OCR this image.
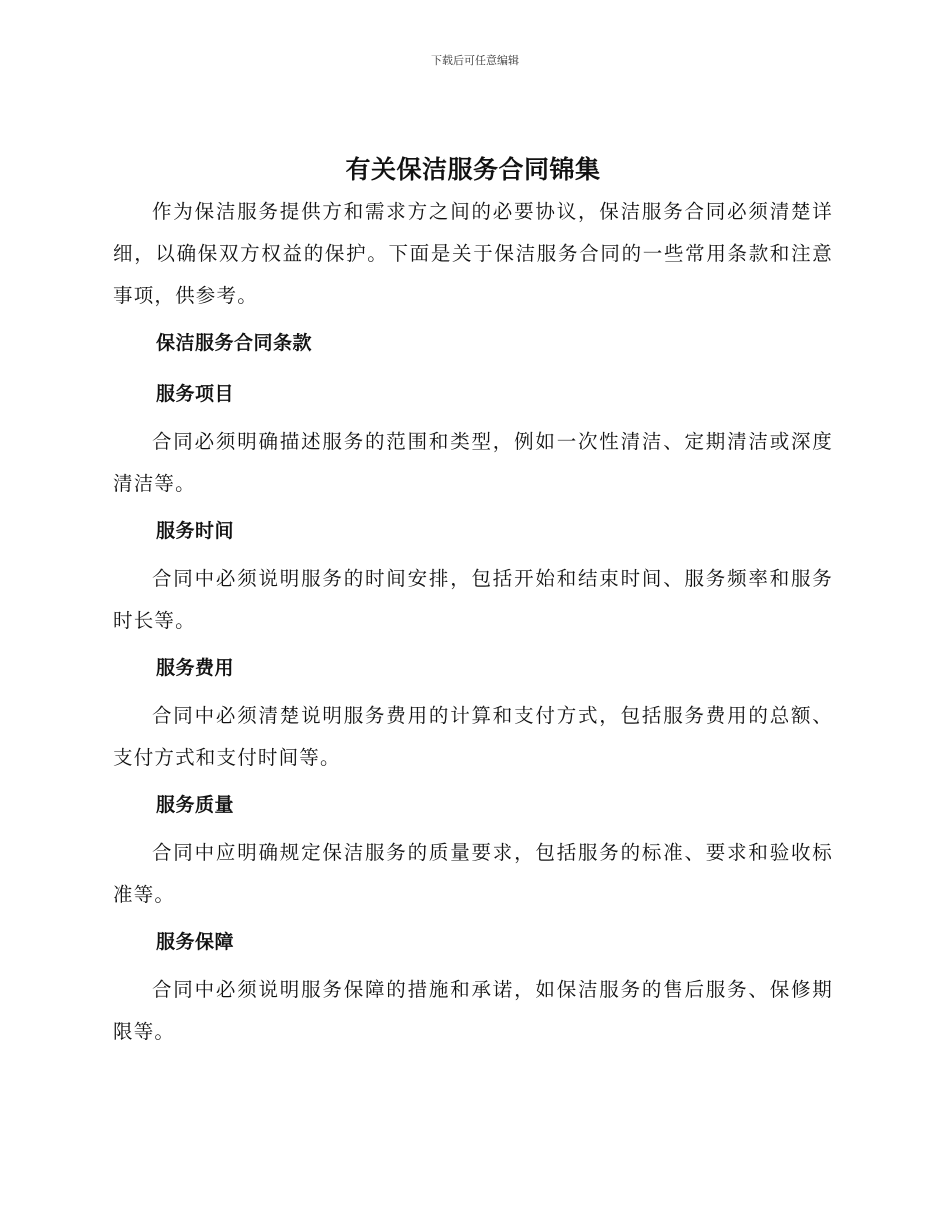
下载后可任意编辑
有关保洁服务合同锦集

作为保洁服务提供方和需求方之间的必要协议，保洁服务合同必须清楚详细，以确保双方权益的保护。下面是关于保洁服务合同的一些常用条款和注意事项，供参考。

保洁服务合同条款
服务项目

合同必须明确描述服务的范围和类型，例如一次性清洁、定期清洁或深度清洁等。

服务时间

合同中必须说明服务的时间安排，包括开始和结束时间、服务频率和服务时长等。

服务费用

合同中必须清楚说明服务费用的计算和支付方式，包括服务费用的总额、支付方式和支付时间等。

服务质量

合同中应明确规定保洁服务的质量要求，包括服务的标准、要求和验收标准等。

服务保障

合同中必须说明服务保障的措施和承诺，如保洁服务的售后服务、保修期限等。
